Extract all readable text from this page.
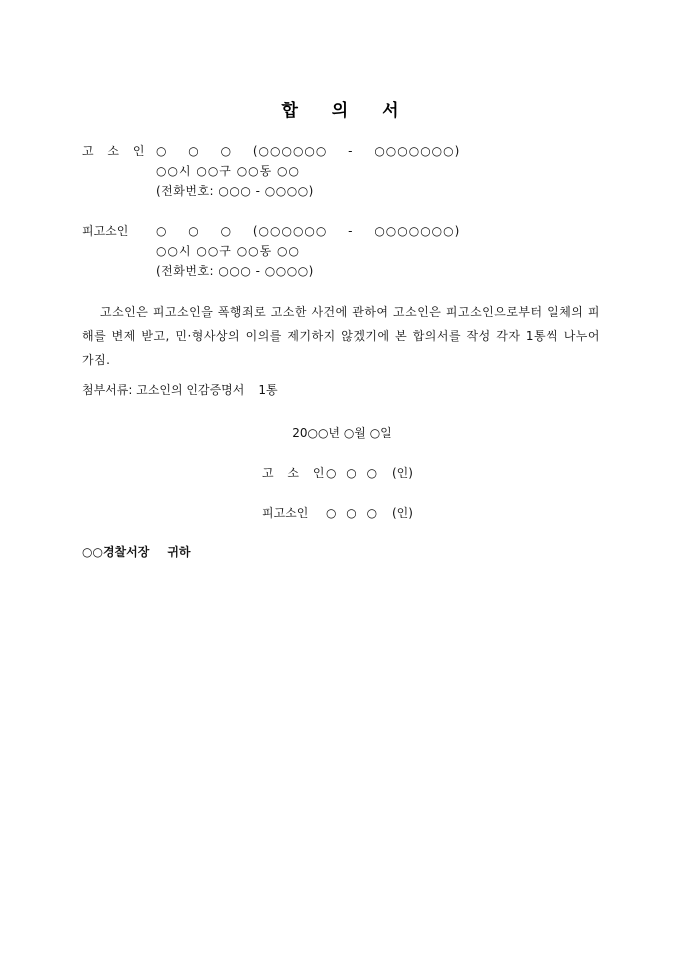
합 의 서
고 소 인 ○ ○ ○ (○○○○○○ - ○○○○○○○)
○○시 ○○구 ○○동 ○○
(전화번호: ○○○ - ○○○○)
피고소인 ○ ○ ○ (○○○○○○ - ○○○○○○○)
○○시 ○○구 ○○동 ○○
(전화번호: ○○○ - ○○○○)
고소인은 피고소인을 폭행죄로 고소한 사건에 관하여 고소인은 피고소인으로부터 일체의 피해를 변제 받고, 민·형사상의 이의를 제기하지 않겠기에 본 합의서를 작성 각자 1통씩 나누어 가짐.
첨부서류: 고소인의 인감증명서 1통
20○○년 ○월 ○일
고 소 인○ ○ ○ (인)
피고소인 ○ ○ ○ (인)
○○경찰서장 귀하
